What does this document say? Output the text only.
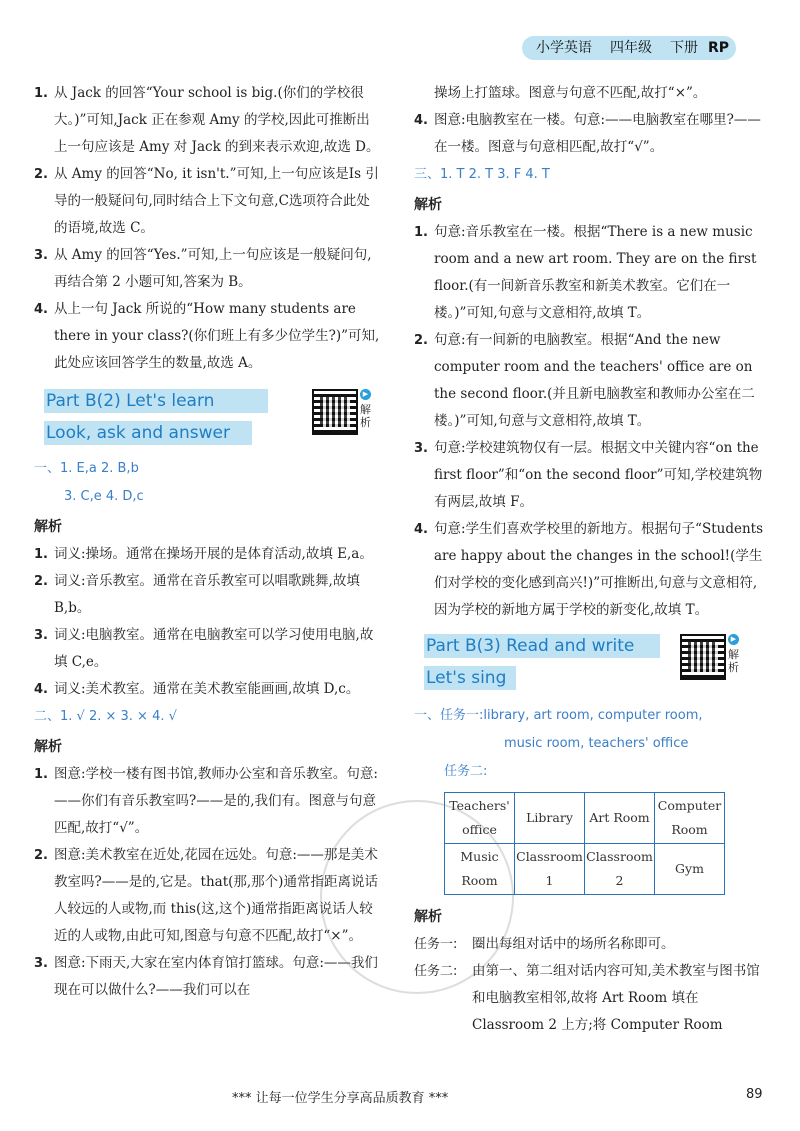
小学英语 四年级 下册 RP
1. 从 Jack 的回答“Your school is big.(你们的学校很大。)”可知,Jack 正在参观 Amy 的学校,因此可推断出上一句应该是 Amy 对 Jack 的到来表示欢迎,故选 D。
2. 从 Amy 的回答“No, it isn't.”可知,上一句应该是Is 引导的一般疑问句,同时结合上下文句意,C选项符合此处的语境,故选 C。
3. 从 Amy 的回答“Yes.”可知,上一句应该是一般疑问句,再结合第 2 小题可知,答案为 B。
4. 从上一句 Jack 所说的“How many students are there in your class?(你们班上有多少位学生?)”可知,此处应该回答学生的数量,故选 A。
Part B(2) Let's learn
Look, ask and answer
▶
解析
一、1. E,a 2. B,b
3. C,e 4. D,c
解析
1. 词义:操场。通常在操场开展的是体育活动,故填 E,a。
2. 词义:音乐教室。通常在音乐教室可以唱歌跳舞,故填 B,b。
3. 词义:电脑教室。通常在电脑教室可以学习使用电脑,故填 C,e。
4. 词义:美术教室。通常在美术教室能画画,故填 D,c。
二、1. √ 2. × 3. × 4. √
解析
1. 图意:学校一楼有图书馆,教师办公室和音乐教室。句意:——你们有音乐教室吗?——是的,我们有。图意与句意匹配,故打“√”。
2. 图意:美术教室在近处,花园在远处。句意:——那是美术教室吗?——是的,它是。that(那,那个)通常指距离说话人较远的人或物,而 this(这,这个)通常指距离说话人较近的人或物,由此可知,图意与句意不匹配,故打“×”。
3. 图意:下雨天,大家在室内体育馆打篮球。句意:——我们现在可以做什么?——我们可以在
操场上打篮球。图意与句意不匹配,故打“×”。
4. 图意:电脑教室在一楼。句意:——电脑教室在哪里?——在一楼。图意与句意相匹配,故打“√”。
三、1. T 2. T 3. F 4. T
解析
1. 句意:音乐教室在一楼。根据“There is a new music room and a new art room. They are on the first floor.(有一间新音乐教室和新美术教室。它们在一楼。)”可知,句意与文意相符,故填 T。
2. 句意:有一间新的电脑教室。根据“And the new computer room and the teachers' office are on the second floor.(并且新电脑教室和教师办公室在二楼。)”可知,句意与文意相符,故填 T。
3. 句意:学校建筑物仅有一层。根据文中关键内容“on the first floor”和“on the second floor”可知,学校建筑物有两层,故填 F。
4. 句意:学生们喜欢学校里的新地方。根据句子“Students are happy about the changes in the school!(学生们对学校的变化感到高兴!)”可推断出,句意与文意相符,因为学校的新地方属于学校的新变化,故填 T。
Part B(3) Read and write
Let's sing
▶
解析
一、任务一:library, art room, computer room,
music room, teachers' office
任务二:
Teachers' office	Library	Art Room	Computer Room
Music Room	Classroom 1	Classroom 2	Gym
解析
任务一: 圈出每组对话中的场所名称即可。
任务二: 由第一、第二组对话内容可知,美术教室与图书馆和电脑教室相邻,故将 Art Room 填在 Classroom 2 上方;将 Computer Room
*** 让每一位学生分享高品质教育 ***	89
